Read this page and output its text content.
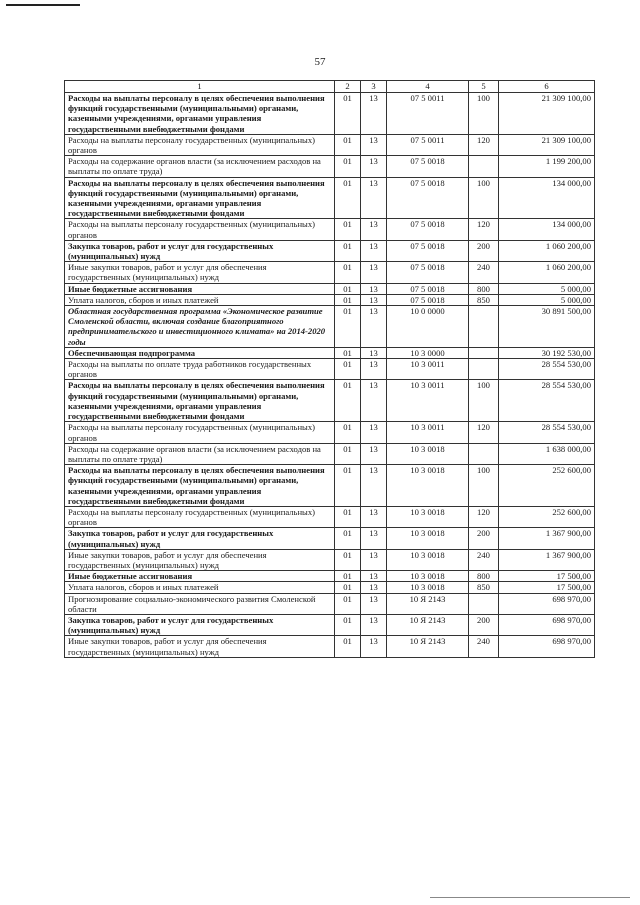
57
1	2	3	4	5	6
Расходы на выплаты персоналу в целях обеспечения выполнения функций государственными (муниципальными) органами, казенными учреждениями, органами управления государственными внебюджетными фондами	01	13	07 5 0011	100	21 309 100,00
Расходы на выплаты персоналу государственных (муниципальных) органов	01	13	07 5 0011	120	21 309 100,00
Расходы на содержание органов власти (за исключением расходов на выплаты по оплате труда)	01	13	07 5 0018		1 199 200,00
Расходы на выплаты персоналу в целях обеспечения выполнения функций государственными (муниципальными) органами, казенными учреждениями, органами управления государственными внебюджетными фондами	01	13	07 5 0018	100	134 000,00
Расходы на выплаты персоналу государственных (муниципальных) органов	01	13	07 5 0018	120	134 000,00
Закупка товаров, работ и услуг для государственных (муниципальных) нужд	01	13	07 5 0018	200	1 060 200,00
Иные закупки товаров, работ и услуг для обеспечения государственных (муниципальных) нужд	01	13	07 5 0018	240	1 060 200,00
Иные бюджетные ассигнования	01	13	07 5 0018	800	5 000,00
Уплата налогов, сборов и иных платежей	01	13	07 5 0018	850	5 000,00
Областная государственная программа «Экономическое развитие Смоленской области, включая создание благоприятного предпринимательского и инвестиционного климата» на 2014-2020 годы	01	13	10 0 0000		30 891 500,00
Обеспечивающая подпрограмма	01	13	10 3 0000		30 192 530,00
Расходы на выплаты по оплате труда работников государственных органов	01	13	10 3 0011		28 554 530,00
Расходы на выплаты персоналу в целях обеспечения выполнения функций государственными (муниципальными) органами, казенными учреждениями, органами управления государственными внебюджетными фондами	01	13	10 3 0011	100	28 554 530,00
Расходы на выплаты персоналу государственных (муниципальных) органов	01	13	10 3 0011	120	28 554 530,00
Расходы на содержание органов власти (за исключением расходов на выплаты по оплате труда)	01	13	10 3 0018		1 638 000,00
Расходы на выплаты персоналу в целях обеспечения выполнения функций государственными (муниципальными) органами, казенными учреждениями, органами управления государственными внебюджетными фондами	01	13	10 3 0018	100	252 600,00
Расходы на выплаты персоналу государственных (муниципальных) органов	01	13	10 3 0018	120	252 600,00
Закупка товаров, работ и услуг для государственных (муниципальных) нужд	01	13	10 3 0018	200	1 367 900,00
Иные закупки товаров, работ и услуг для обеспечения государственных (муниципальных) нужд	01	13	10 3 0018	240	1 367 900,00
Иные бюджетные ассигнования	01	13	10 3 0018	800	17 500,00
Уплата налогов, сборов и иных платежей	01	13	10 3 0018	850	17 500,00
Прогнозирование социально-экономического развития Смоленской области	01	13	10 Я 2143		698 970,00
Закупка товаров, работ и услуг для государственных (муниципальных) нужд	01	13	10 Я 2143	200	698 970,00
Иные закупки товаров, работ и услуг для обеспечения государственных (муниципальных) нужд	01	13	10 Я 2143	240	698 970,00
